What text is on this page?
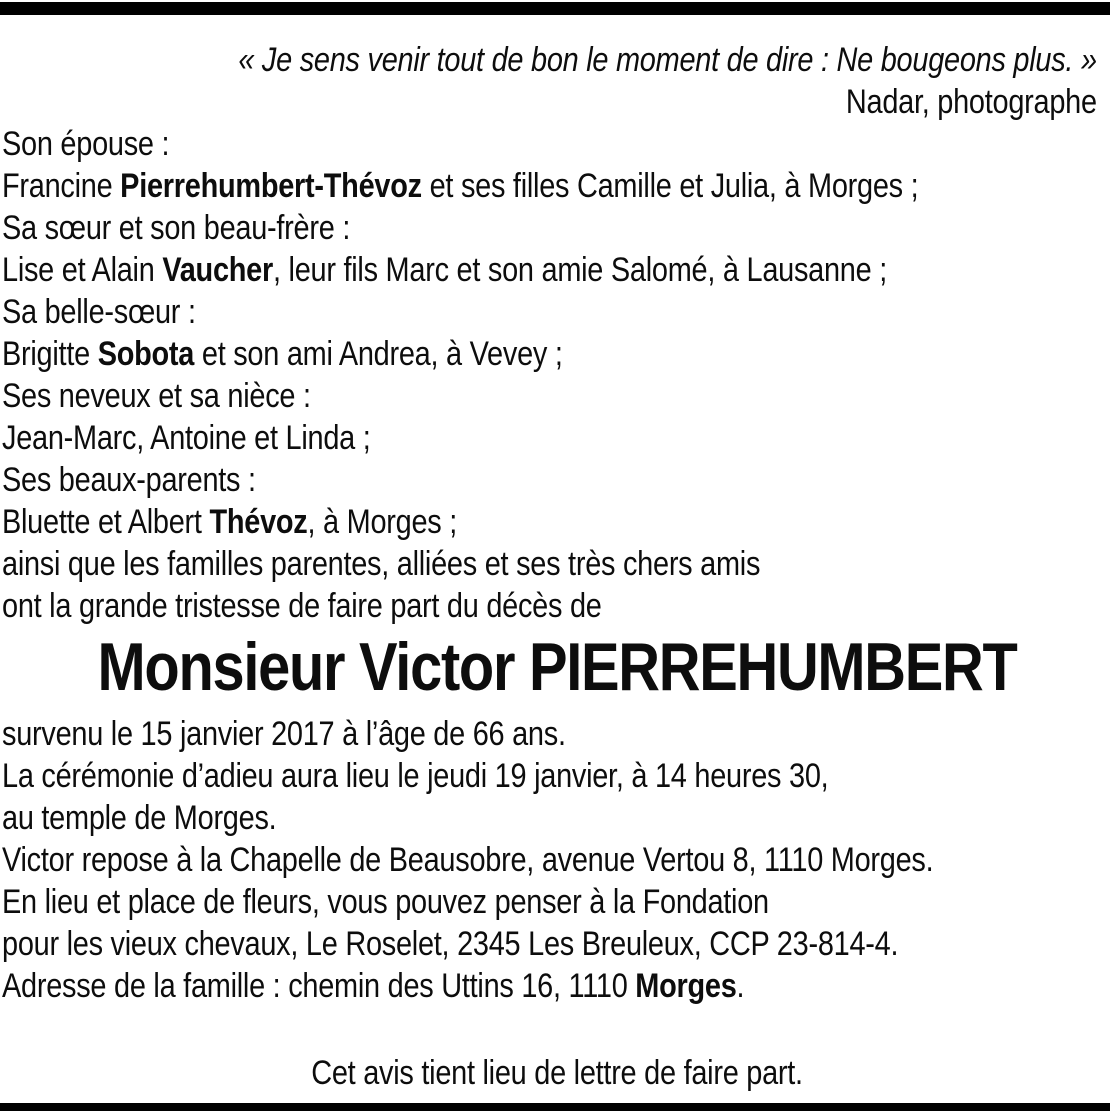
« Je sens venir tout de bon le moment de dire : Ne bougeons plus. »
Nadar, photographe
Son épouse :
Francine Pierrehumbert-Thévoz et ses filles Camille et Julia, à Morges ;
Sa sœur et son beau-frère :
Lise et Alain Vaucher, leur fils Marc et son amie Salomé, à Lausanne ;
Sa belle-sœur :
Brigitte Sobota et son ami Andrea, à Vevey ;
Ses neveux et sa nièce :
Jean-Marc, Antoine et Linda ;
Ses beaux-parents :
Bluette et Albert Thévoz, à Morges ;
ainsi que les familles parentes, alliées et ses très chers amis
ont la grande tristesse de faire part du décès de
Monsieur Victor PIERREHUMBERT
survenu le 15 janvier 2017 à l’âge de 66 ans.
La cérémonie d’adieu aura lieu le jeudi 19 janvier, à 14 heures 30,
au temple de Morges.
Victor repose à la Chapelle de Beausobre, avenue Vertou 8, 1110 Morges.
En lieu et place de fleurs, vous pouvez penser à la Fondation
pour les vieux chevaux, Le Roselet, 2345 Les Breuleux, CCP 23-814-4.
Adresse de la famille : chemin des Uttins 16, 1110 Morges.
Cet avis tient lieu de lettre de faire part.
